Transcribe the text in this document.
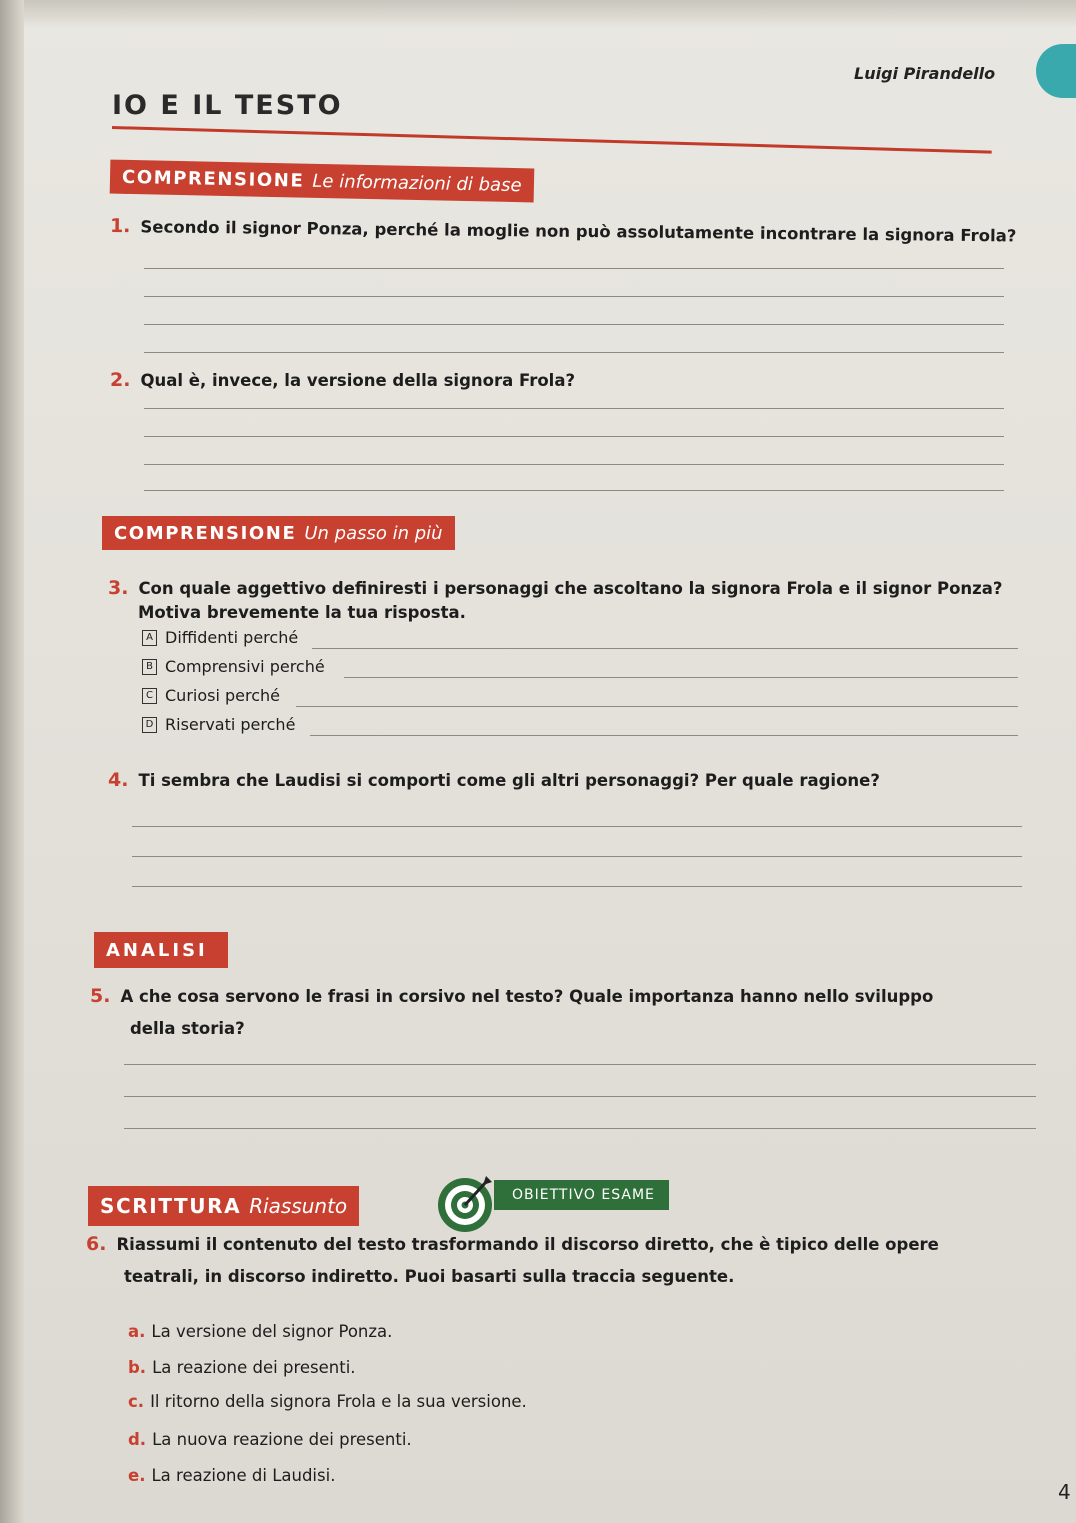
Luigi Pirandello
IO E IL TESTO
COMPRENSIONE Le informazioni di base
1. Secondo il signor Ponza, perché la moglie non può assolutamente incontrare la signora Frola?
2. Qual è, invece, la versione della signora Frola?
COMPRENSIONE Un passo in più
3. Con quale aggettivo definiresti i personaggi che ascoltano la signora Frola e il signor Ponza?
Motiva brevemente la tua risposta.
A Diffidenti perché
B Comprensivi perché
C Curiosi perché
D Riservati perché
4. Ti sembra che Laudisi si comporti come gli altri personaggi? Per quale ragione?
ANALISI
5. A che cosa servono le frasi in corsivo nel testo? Quale importanza hanno nello sviluppo
della storia?
SCRITTURA Riassunto	OBIETTIVO ESAME
6. Riassumi il contenuto del testo trasformando il discorso diretto, che è tipico delle opere
teatrali, in discorso indiretto. Puoi basarti sulla traccia seguente.
a. La versione del signor Ponza.
b. La reazione dei presenti.
c. Il ritorno della signora Frola e la sua versione.
d. La nuova reazione dei presenti.
e. La reazione di Laudisi.
4
